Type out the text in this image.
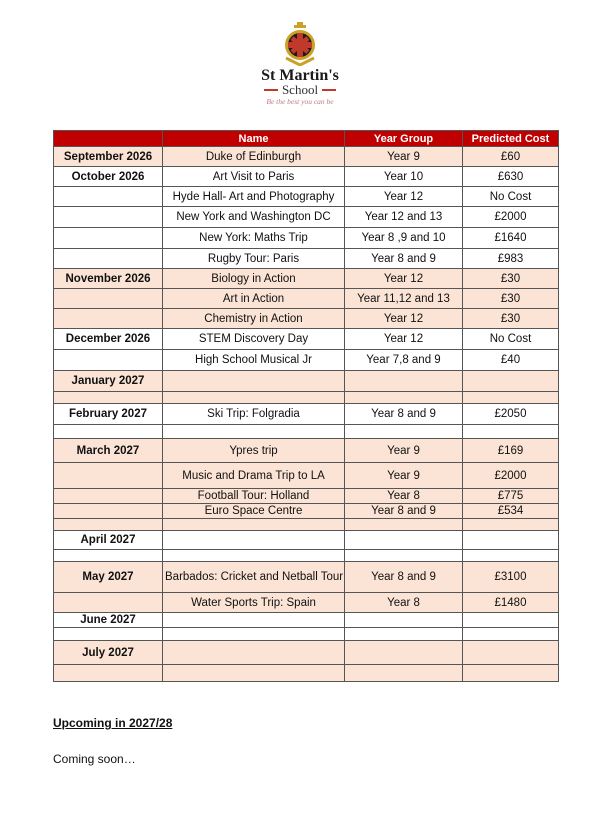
St Martin's
School
Be the best you can be
	Name	Year Group	Predicted Cost
September 2026	Duke of Edinburgh	Year 9	£60
October 2026	Art Visit to Paris	Year 10	£630
	Hyde Hall- Art and Photography	Year 12	No Cost
	New York and Washington DC	Year 12 and 13	£2000
	New York: Maths Trip	Year 8 ,9 and 10	£1640
	Rugby Tour: Paris	Year 8 and 9	£983
November 2026	Biology in Action	Year 12	£30
	Art in Action	Year 11,12 and 13	£30
	Chemistry in Action	Year 12	£30
December 2026	STEM Discovery Day	Year 12	No Cost
	High School Musical Jr	Year 7,8 and 9	£40
January 2027			

February 2027	Ski Trip: Folgradia	Year 8 and 9	£2050

March 2027	Ypres trip	Year 9	£169
	Music and Drama Trip to LA	Year 9	£2000
	Football Tour: Holland	Year 8	£775
	Euro Space Centre	Year 8 and 9	£534

April 2027			

May 2027	Barbados: Cricket and Netball Tour	Year 8 and 9	£3100
	Water Sports Trip: Spain	Year 8	£1480
June 2027			

July 2027			

Upcoming in 2027/28
Coming soon…
